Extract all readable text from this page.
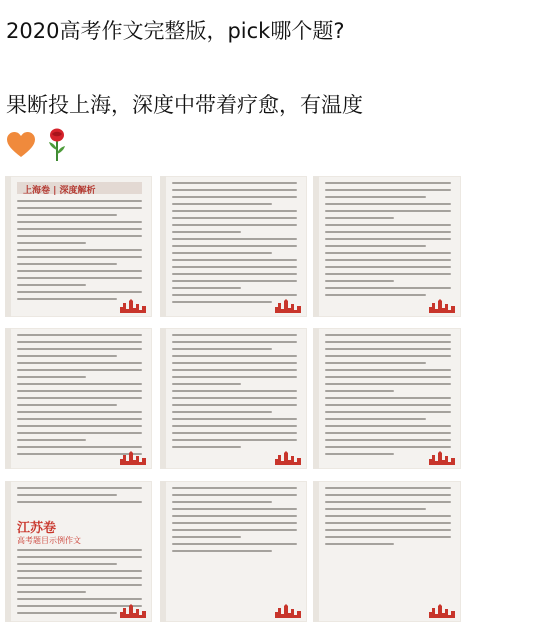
2020高考作文完整版，pick哪个题?
果断投上海，深度中带着疗愈，有温度

上海卷 | 深度解析
江苏卷
高考题目示例作文
